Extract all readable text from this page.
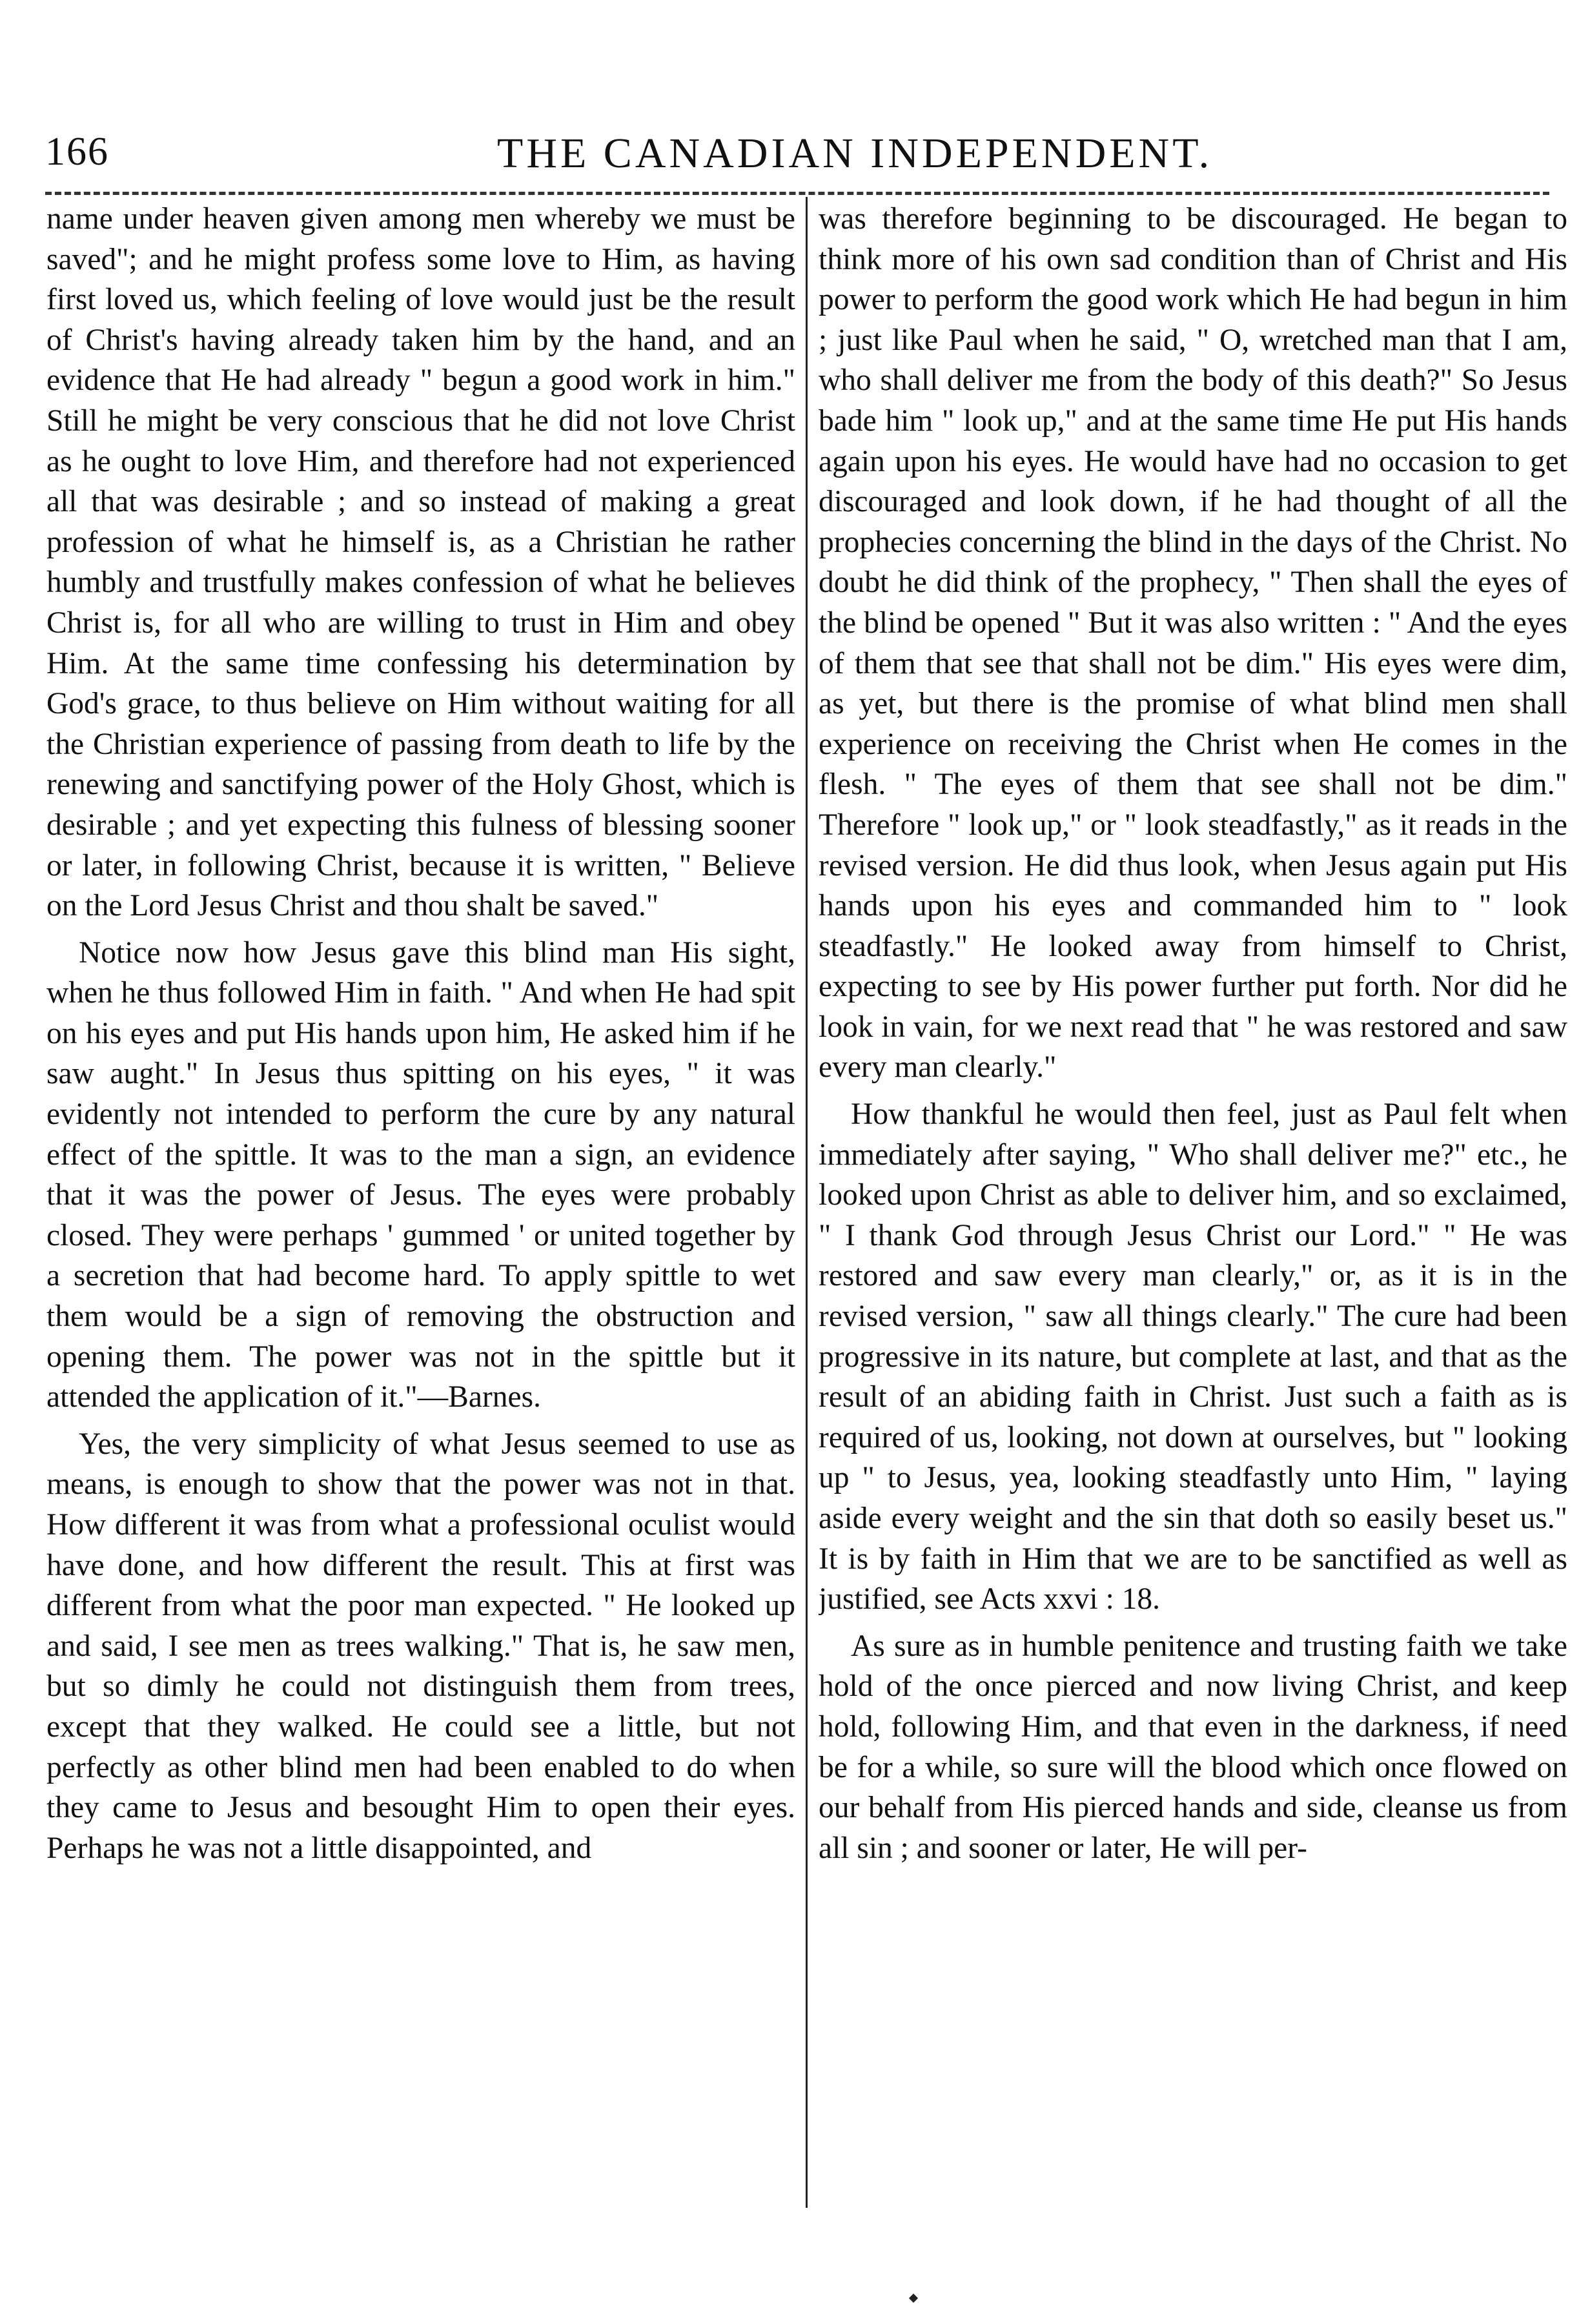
166	THE CANADIAN INDEPENDENT.

name under heaven given among men whereby we must be saved"; and he might profess some love to Him, as having first loved us, which feeling of love would just be the result of Christ's having already taken him by the hand, and an evidence that He had already " begun a good work in him." Still he might be very conscious that he did not love Christ as he ought to love Him, and therefore had not experienced all that was desirable ; and so instead of making a great profession of what he himself is, as a Christian he rather humbly and trustfully makes confession of what he believes Christ is, for all who are willing to trust in Him and obey Him. At the same time confessing his determination by God's grace, to thus believe on Him without waiting for all the Christian experience of passing from death to life by the renewing and sanctifying power of the Holy Ghost, which is desirable ; and yet expecting this fulness of blessing sooner or later, in following Christ, because it is written, " Believe on the Lord Jesus Christ and thou shalt be saved."

Notice now how Jesus gave this blind man His sight, when he thus followed Him in faith. " And when He had spit on his eyes and put His hands upon him, He asked him if he saw aught." In Jesus thus spitting on his eyes, " it was evidently not intended to perform the cure by any natural effect of the spittle. It was to the man a sign, an evidence that it was the power of Jesus. The eyes were probably closed. They were perhaps ' gummed ' or united together by a secretion that had become hard. To apply spittle to wet them would be a sign of removing the obstruction and opening them. The power was not in the spittle but it attended the application of it."—Barnes.

Yes, the very simplicity of what Jesus seemed to use as means, is enough to show that the power was not in that. How different it was from what a professional oculist would have done, and how different the result. This at first was different from what the poor man expected. " He looked up and said, I see men as trees walking." That is, he saw men, but so dimly he could not distinguish them from trees, except that they walked. He could see a little, but not perfectly as other blind men had been enabled to do when they came to Jesus and besought Him to open their eyes. Perhaps he was not a little disappointed, and

was therefore beginning to be discouraged. He began to think more of his own sad condition than of Christ and His power to perform the good work which He had begun in him ; just like Paul when he said, " O, wretched man that I am, who shall deliver me from the body of this death?" So Jesus bade him " look up," and at the same time He put His hands again upon his eyes. He would have had no occasion to get discouraged and look down, if he had thought of all the prophecies concerning the blind in the days of the Christ. No doubt he did think of the prophecy, " Then shall the eyes of the blind be opened " But it was also written : " And the eyes of them that see that shall not be dim." His eyes were dim, as yet, but there is the promise of what blind men shall experience on receiving the Christ when He comes in the flesh. " The eyes of them that see shall not be dim." Therefore " look up," or " look steadfastly," as it reads in the revised version. He did thus look, when Jesus again put His hands upon his eyes and commanded him to " look steadfastly." He looked away from himself to Christ, expecting to see by His power further put forth. Nor did he look in vain, for we next read that " he was restored and saw every man clearly."

How thankful he would then feel, just as Paul felt when immediately after saying, " Who shall deliver me?" etc., he looked upon Christ as able to deliver him, and so exclaimed, " I thank God through Jesus Christ our Lord." " He was restored and saw every man clearly," or, as it is in the revised version, " saw all things clearly." The cure had been progressive in its nature, but complete at last, and that as the result of an abiding faith in Christ. Just such a faith as is required of us, looking, not down at ourselves, but " looking up " to Jesus, yea, looking steadfastly unto Him, " laying aside every weight and the sin that doth so easily beset us." It is by faith in Him that we are to be sanctified as well as justified, see Acts xxvi : 18.

As sure as in humble penitence and trusting faith we take hold of the once pierced and now living Christ, and keep hold, following Him, and that even in the darkness, if need be for a while, so sure will the blood which once flowed on our behalf from His pierced hands and side, cleanse us from all sin ; and sooner or later, He will per-
